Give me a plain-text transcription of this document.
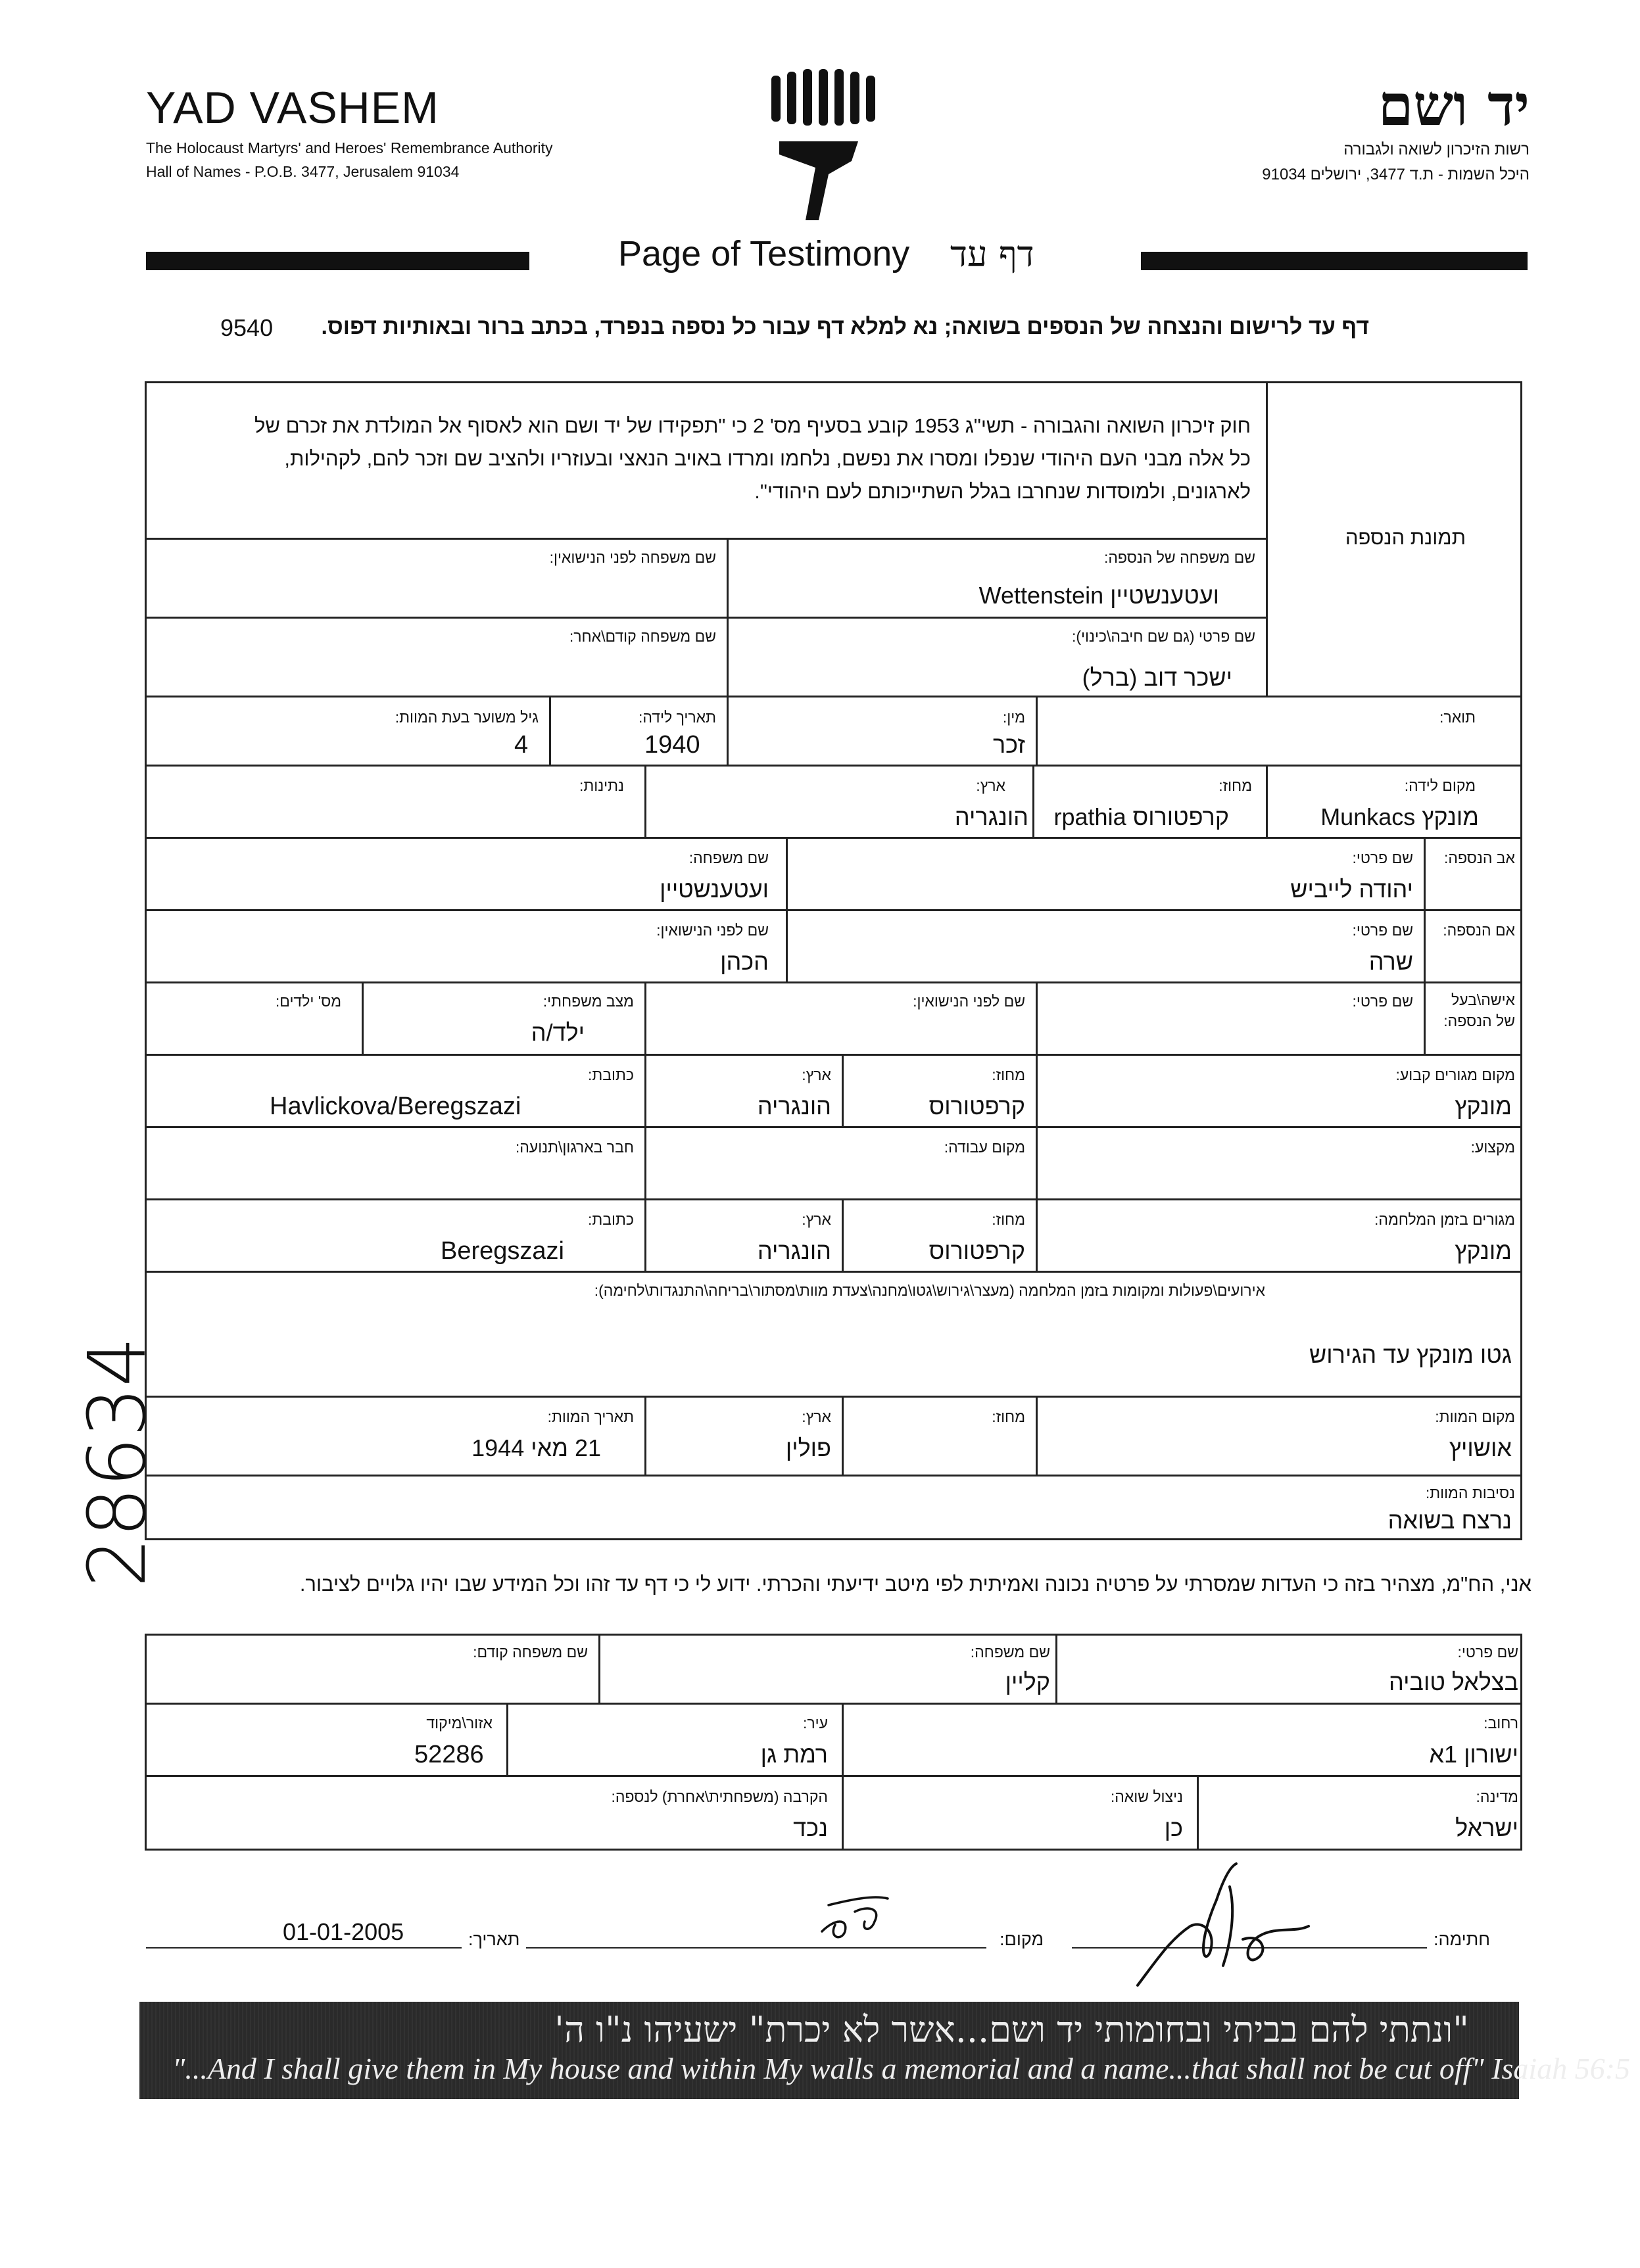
YAD VASHEM
The Holocaust Martyrs' and Heroes' Remembrance Authority
Hall of Names - P.O.B. 3477, Jerusalem 91034
יד ושם
רשות הזיכרון לשואה ולגבורה
היכל השמות - ת.ד 3477, ירושלים 91034
Page of Testimony דף עד
דף עד לרישום והנצחה של הנספים בשואה; נא למלא דף עבור כל נספה בנפרד, בכתב ברור ובאותיות דפוס.
9540
חוק זיכרון השואה והגבורה - תשי"ג 1953 קובע בסעיף מס' 2 כי "תפקידו של יד ושם הוא לאסוף אל המולדת את זכרם של
כל אלה מבני העם היהודי שנפלו ומסרו את נפשם, נלחמו ומרדו באויב הנאצי ובעוזריו ולהציב שם וזכר להם, לקהילות,
לארגונים, ולמוסדות שנחרבו בגלל השתייכותם לעם היהודי".
תמונת הנספה
שם משפחה של הנספה:
ועטענשטיין Wettenstein
שם משפחה לפני הנישואין:
שם פרטי (גם שם חיבה\כינוי):
ישכר דוב (ברל)
שם משפחה קודם\אחר:
תואר:
מין:
זכר
תאריך לידה:
1940
גיל משוער בעת המוות:
4
מקום לידה:
מונקץ Munkacs
מחוז:
קרפטורוס rpathia
ארץ:
הונגריה
נתינות:
אב הנספה:
שם פרטי:
יהודה לייביש
שם משפחה:
ועטענשטיין
אם הנספה:
שם פרטי:
שרה
שם לפני הנישואין:
הכהן
אישה\בעל
של הנספה:
שם פרטי:
שם לפני הנישואין:
מצב משפחתי:
ילד/ה
מס' ילדים:
מקום מגורים קבוע:
מונקץ
מחוז:
קרפטורוס
ארץ:
הונגריה
כתובת:
Havlickova/Beregszazi
מקצוע:
מקום עבודה:
חבר בארגון\תנועה:
מגורים בזמן המלחמה:
מונקץ
מחוז:
קרפטורוס
ארץ:
הונגריה
כתובת:
Beregszazi
אירועים\פעולות ומקומות בזמן המלחמה (מעצר\גירוש\גטו\מחנה\צעדת מוות\מסתור\בריחה\התנגדות\לחימה):
גטו מונקץ עד הגירוש
מקום המוות:
אושויץ
מחוז:
ארץ:
פולין
תאריך המוות:
21 מאי 1944
נסיבות המוות:
נרצח בשואה
אני, הח"מ, מצהיר בזה כי העדות שמסרתי על פרטיה נכונה ואמיתית לפי מיטב ידיעתי והכרתי. ידוע לי כי דף עד זהו וכל המידע שבו יהיו גלויים לציבור.
שם פרטי:
בצלאל טוביה
שם משפחה:
קליין
שם משפחה קודם:
רחוב:
ישורון 1א
עיר:
רמת גן
אזור\מיקוד
52286
מדינה:
ישראל
ניצול שואה:
כן
הקרבה (משפחתית\אחרת) לנספה:
נכד
01-01-2005	תאריך:	מקום:	חתימה:
"ונתתי להם בביתי ובחומותי יד ושם...אשר לא יכרת" ישעיהו נ"ו ה'
"...And I shall give them in My house and within My walls a memorial and a name...that shall not be cut off" Isaiah 56:5
28634
